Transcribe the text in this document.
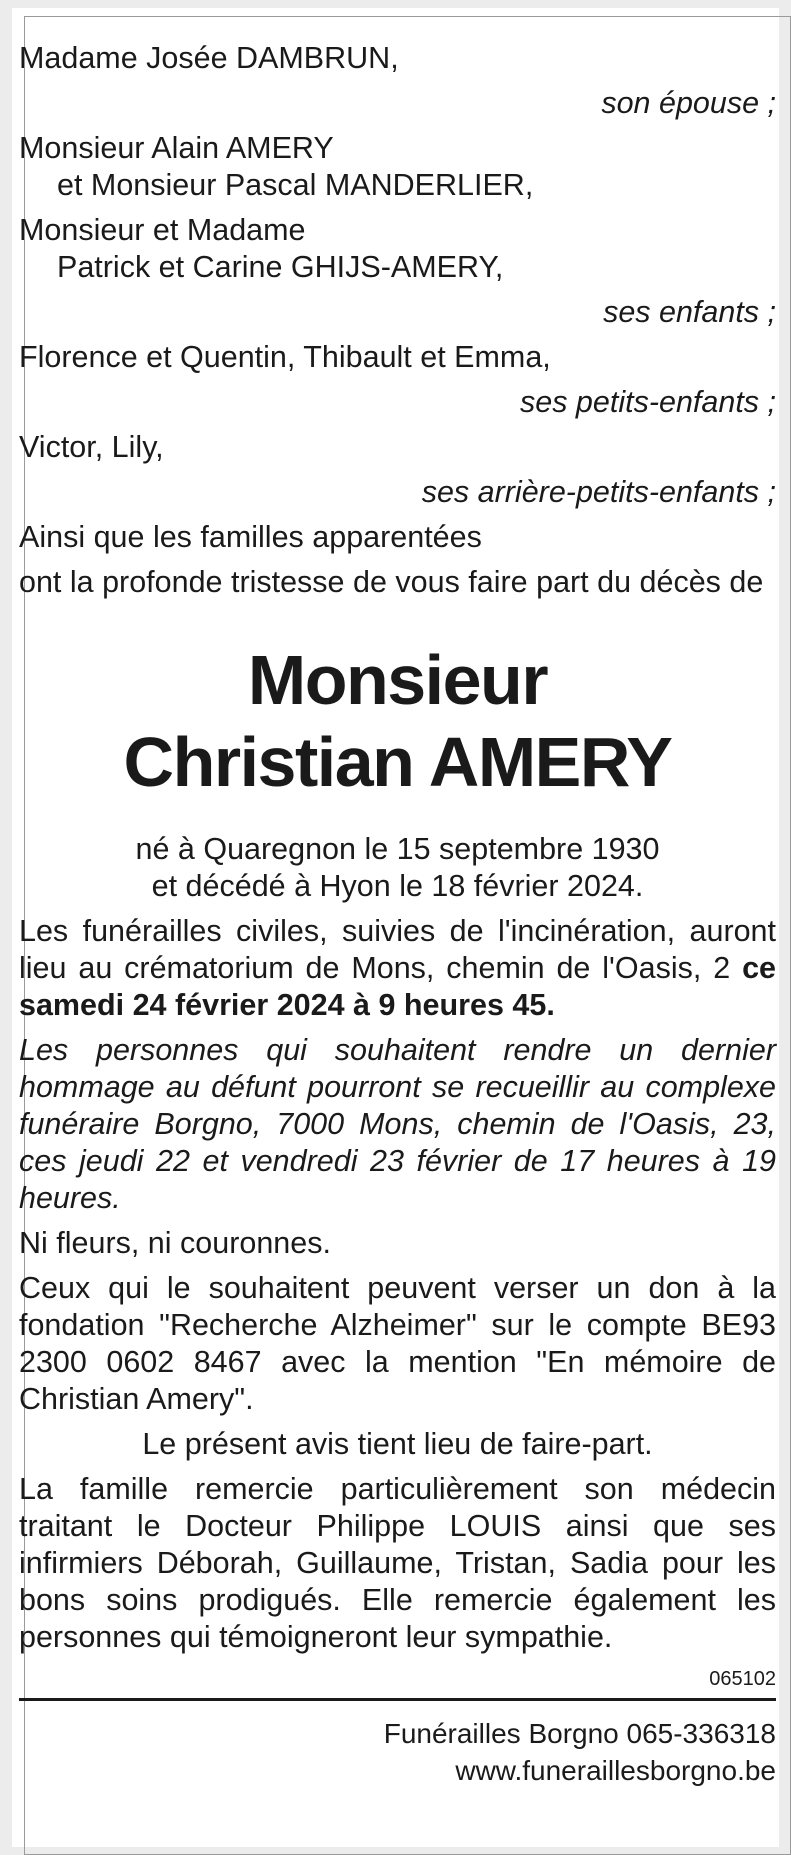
Madame Josée DAMBRUN,
son épouse ;
Monsieur Alain AMERY
et Monsieur Pascal MANDERLIER,
Monsieur et Madame
Patrick et Carine GHIJS-AMERY,
ses enfants ;
Florence et Quentin, Thibault et Emma,
ses petits-enfants ;
Victor, Lily,
ses arrière-petits-enfants ;
Ainsi que les familles apparentées
ont la profonde tristesse de vous faire part du décès de
Monsieur
Christian AMERY
né à Quaregnon le 15 septembre 1930
et décédé à Hyon le 18 février 2024.
Les funérailles civiles, suivies de l'incinération, auront lieu au crématorium de Mons, chemin de l'Oasis, 2 ce samedi 24 février 2024 à 9 heures 45.
Les personnes qui souhaitent rendre un dernier hommage au défunt pourront se recueillir au complexe funéraire Borgno, 7000 Mons, chemin de l'Oasis, 23, ces jeudi 22 et vendredi 23 février de 17 heures à 19 heures.
Ni fleurs, ni couronnes.
Ceux qui le souhaitent peuvent verser un don à la fondation "Recherche Alzheimer" sur le compte BE93 2300 0602 8467 avec la mention "En mémoire de Christian Amery".
Le présent avis tient lieu de faire-part.
La famille remercie particulièrement son médecin traitant le Docteur Philippe LOUIS ainsi que ses infirmiers Déborah, Guillaume, Tristan, Sadia pour les bons soins prodigués. Elle remercie également les personnes qui témoigneront leur sympathie.
065102
Funérailles Borgno 065-336318
www.funeraillesborgno.be
